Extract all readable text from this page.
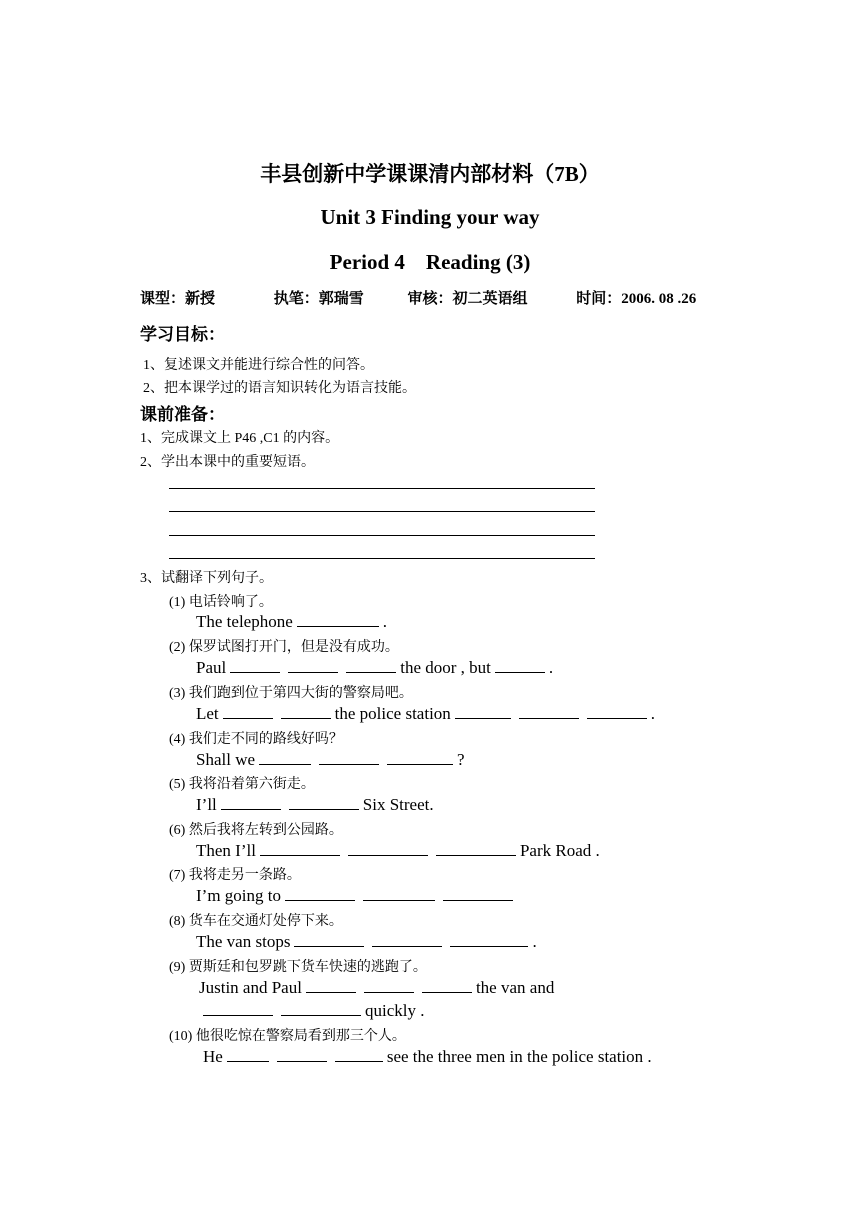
丰县创新中学课课清内部材料（7B）
Unit 3 Finding your way
Period 4    Reading (3)
课型：新授	执笔：郭瑞雪	审核：初二英语组	时间：2006. 08 .26
学习目标：
1、复述课文并能进行综合性的问答。
2、把本课学过的语言知识转化为语言技能。
课前准备：
1、完成课文上 P46 ,C1 的内容。
2、学出本课中的重要短语。
3、试翻译下列句子。
(1) 电话铃响了。
The telephone	.
(2) 保罗试图打开门，但是没有成功。
Paul	the door , but	.
(3) 我们跑到位于第四大街的警察局吧。
Let	the police station	.
(4) 我们走不同的路线好吗？
Shall we	?
(5) 我将沿着第六街走。
I’ll	Six Street.
(6) 然后我将左转到公园路。
Then I’ll	Park Road .
(7) 我将走另一条路。
I’m going to
(8) 货车在交通灯处停下来。
The van stops	.
(9) 贾斯廷和包罗跳下货车快速的逃跑了。
Justin and Paul	the van and
quickly .
(10) 他很吃惊在警察局看到那三个人。
He	see the three men in the police station .
